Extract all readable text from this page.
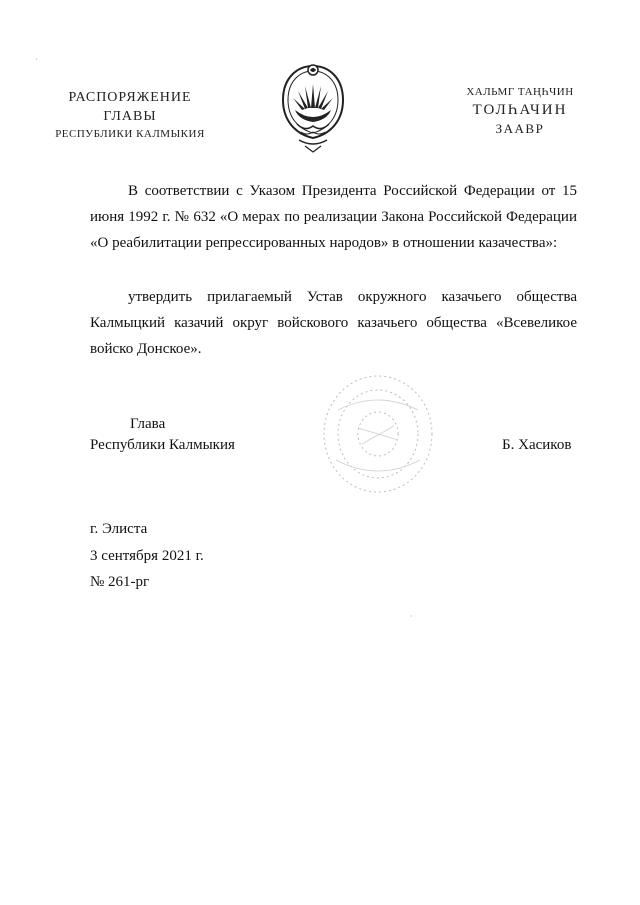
·
РАСПОРЯЖЕНИЕ
ГЛАВЫ
РЕСПУБЛИКИ КАЛМЫКИЯ
ХАЛЬМГ ТАҢҺЧИН
ТОЛҺАЧИН
ЗААВР
В соответствии с Указом Президента Российской Федерации от 15 июня 1992 г. № 632 «О мерах по реализации Закона Российской Федерации «О реабилитации репрессированных народов» в отношении казачества»:
утвердить прилагаемый Устав окружного казачьего общества Калмыцкий казачий округ войскового казачьего общества «Всевеликое войско Донское».
Глава
Республики Калмыкия	Б. Хасиков
г. Элиста
3 сентября 2021 г.
№ 261-рг
·
